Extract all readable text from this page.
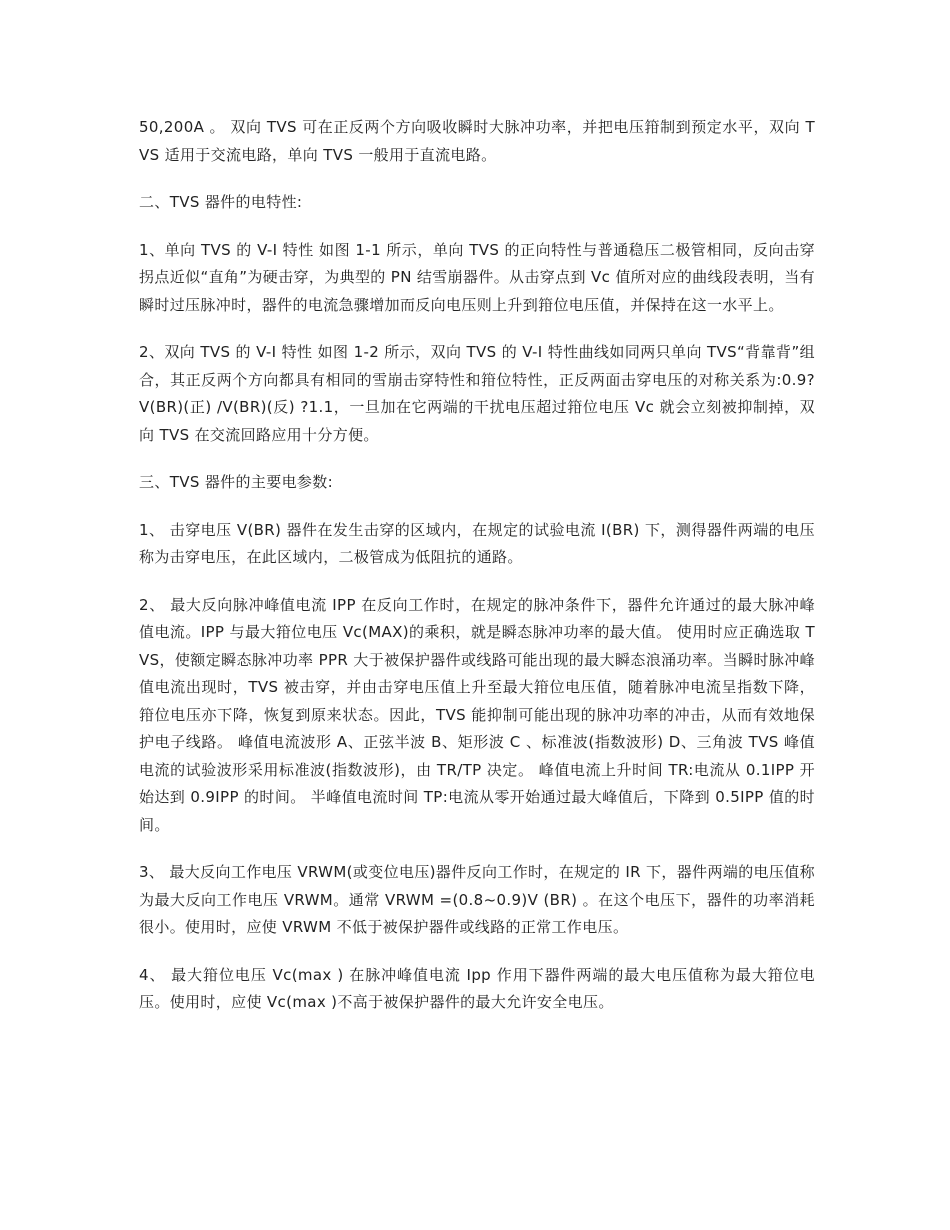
50,200A 。 双向 TVS 可在正反两个方向吸收瞬时大脉冲功率，并把电压箝制到预定水平，双向 TVS 适用于交流电路，单向 TVS 一般用于直流电路。

二、TVS 器件的电特性:

1、单向 TVS 的 V-I 特性 如图 1-1 所示，单向 TVS 的正向特性与普通稳压二极管相同，反向击穿拐点近似“直角”为硬击穿，为典型的 PN 结雪崩器件。从击穿点到 Vc 值所对应的曲线段表明，当有瞬时过压脉冲时，器件的电流急骤增加而反向电压则上升到箝位电压值，并保持在这一水平上。

2、双向 TVS 的 V-I 特性 如图 1-2 所示，双向 TVS 的 V-I 特性曲线如同两只单向 TVS“背靠背”组合，其正反两个方向都具有相同的雪崩击穿特性和箝位特性，正反两面击穿电压的对称关系为:0.9?V(BR)(正) /V(BR)(反) ?1.1，一旦加在它两端的干扰电压超过箝位电压 Vc 就会立刻被抑制掉，双向 TVS 在交流回路应用十分方便。

三、TVS 器件的主要电参数:

1、 击穿电压 V(BR) 器件在发生击穿的区域内，在规定的试验电流 I(BR) 下，测得器件两端的电压称为击穿电压，在此区域内，二极管成为低阻抗的通路。

2、 最大反向脉冲峰值电流 IPP 在反向工作时，在规定的脉冲条件下，器件允许通过的最大脉冲峰值电流。IPP 与最大箝位电压 Vc(MAX)的乘积，就是瞬态脉冲功率的最大值。 使用时应正确选取 TVS，使额定瞬态脉冲功率 PPR 大于被保护器件或线路可能出现的最大瞬态浪涌功率。当瞬时脉冲峰值电流出现时，TVS 被击穿，并由击穿电压值上升至最大箝位电压值，随着脉冲电流呈指数下降，箝位电压亦下降，恢复到原来状态。因此，TVS 能抑制可能出现的脉冲功率的冲击，从而有效地保护电子线路。 峰值电流波形 A、正弦半波 B、矩形波 C 、标准波(指数波形) D、三角波 TVS 峰值电流的试验波形采用标准波(指数波形)，由 TR/TP 决定。 峰值电流上升时间 TR:电流从 0.1IPP 开始达到 0.9IPP 的时间。 半峰值电流时间 TP:电流从零开始通过最大峰值后，下降到 0.5IPP 值的时间。

3、 最大反向工作电压 VRWM(或变位电压)器件反向工作时，在规定的 IR 下，器件两端的电压值称为最大反向工作电压 VRWM。通常 VRWM =(0.8~0.9)V (BR) 。在这个电压下，器件的功率消耗很小。使用时，应使 VRWM 不低于被保护器件或线路的正常工作电压。

4、 最大箝位电压 Vc(max ) 在脉冲峰值电流 Ipp 作用下器件两端的最大电压值称为最大箝位电压。使用时，应使 Vc(max )不高于被保护器件的最大允许安全电压。
